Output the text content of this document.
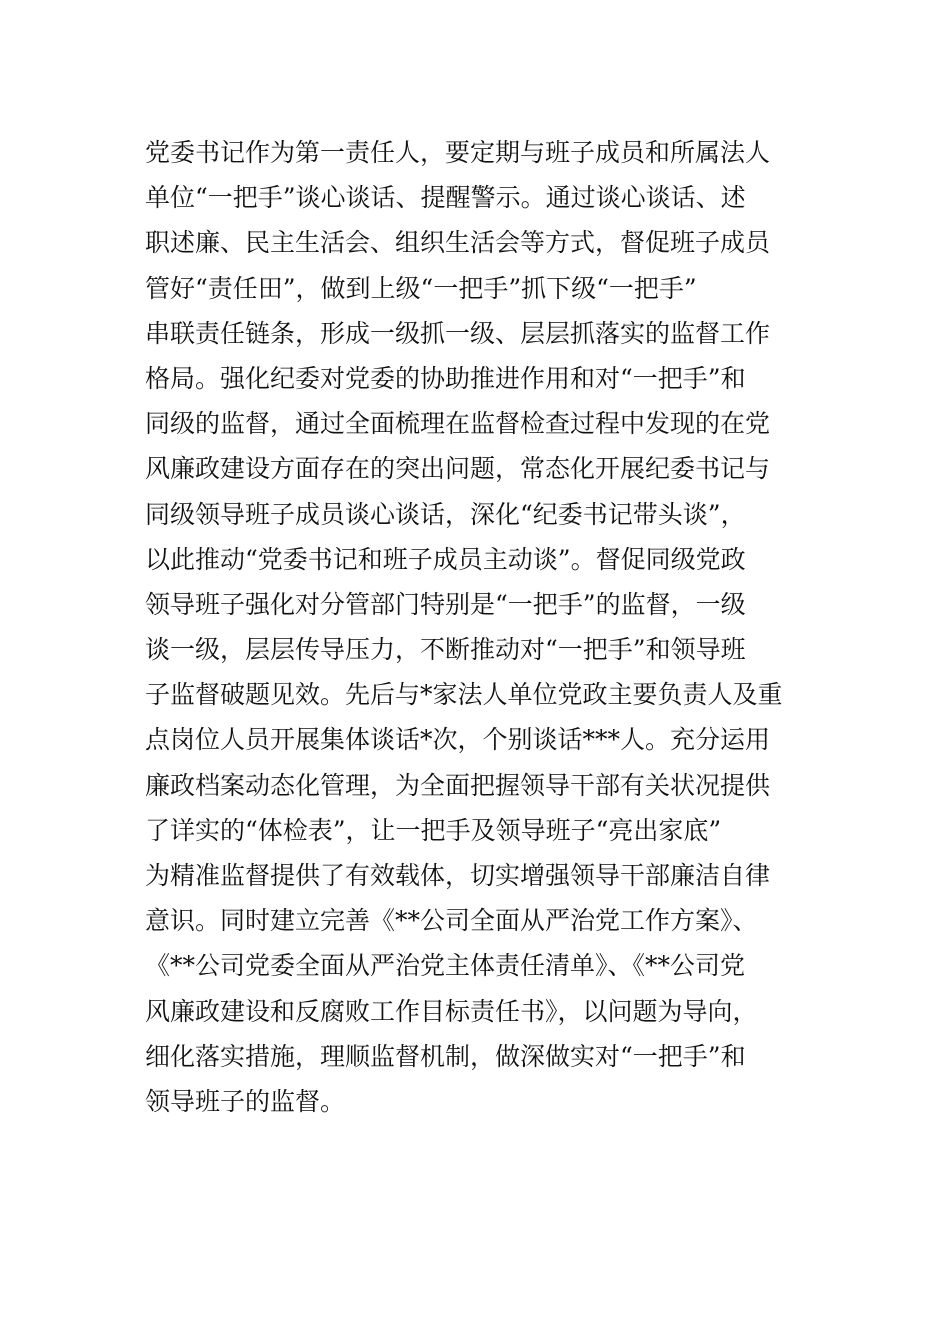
党委书记作为第一责任人，要定期与班子成员和所属法人
单位“一把手”谈心谈话、提醒警示。通过谈心谈话、述
职述廉、民主生活会、组织生活会等方式，督促班子成员
管好“责任田”，做到上级“一把手”抓下级“一把手”
串联责任链条，形成一级抓一级、层层抓落实的监督工作
格局。强化纪委对党委的协助推进作用和对“一把手”和
同级的监督，通过全面梳理在监督检查过程中发现的在党
风廉政建设方面存在的突出问题，常态化开展纪委书记与
同级领导班子成员谈心谈话，深化“纪委书记带头谈”，
以此推动“党委书记和班子成员主动谈”。督促同级党政
领导班子强化对分管部门特别是“一把手”的监督，一级
谈一级，层层传导压力，不断推动对“一把手”和领导班
子监督破题见效。先后与*家法人单位党政主要负责人及重
点岗位人员开展集体谈话*次，个别谈话***人。充分运用
廉政档案动态化管理，为全面把握领导干部有关状况提供
了详实的“体检表”，让一把手及领导班子“亮出家底”
为精准监督提供了有效载体，切实增强领导干部廉洁自律
意识。同时建立完善《**公司全面从严治党工作方案》、
《**公司党委全面从严治党主体责任清单》、《**公司党
风廉政建设和反腐败工作目标责任书》，以问题为导向，
细化落实措施，理顺监督机制，做深做实对“一把手”和
领导班子的监督。
